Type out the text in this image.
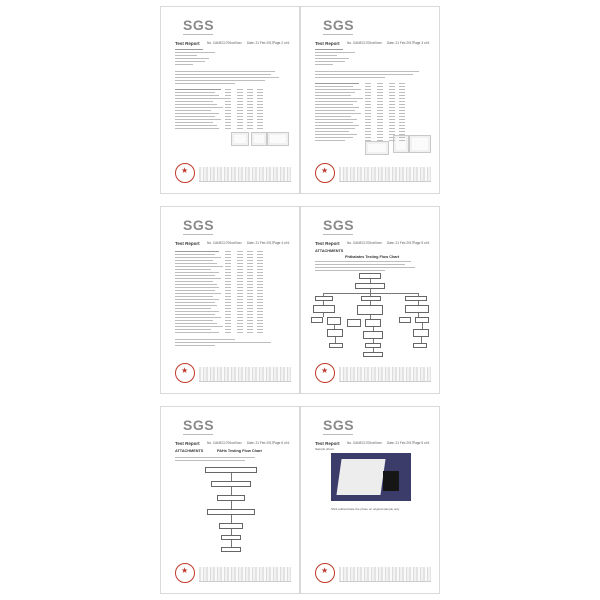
SGS
Test Report No. CANEC1700xx/0xxx Date: 21 Feb 2017 Page 2 of 6
★
SGS
Test Report No. CANEC1700xx/0xxx Date: 21 Feb 2017 Page 3 of 6
★
SGS
Test Report No. CANEC1700xx/0xxx Date: 21 Feb 2017 Page 4 of 6
★
SGS
Test Report No. CANEC1700xx/0xxx Date: 21 Feb 2017 Page 5 of 6
ATTACHMENTS
Phthalates Testing Flow Chart
★
SGS
Test Report No. CANEC1700xx/0xxx Date: 21 Feb 2017 Page 6 of 6
ATTACHMENTS	PAHs Testing Flow Chart
★
SGS
Test Report No. CANEC1700xx/0xxx Date: 21 Feb 2017 Page 6 of 6
Sample photo:
SGS authenticate the photo on original sample only
★
